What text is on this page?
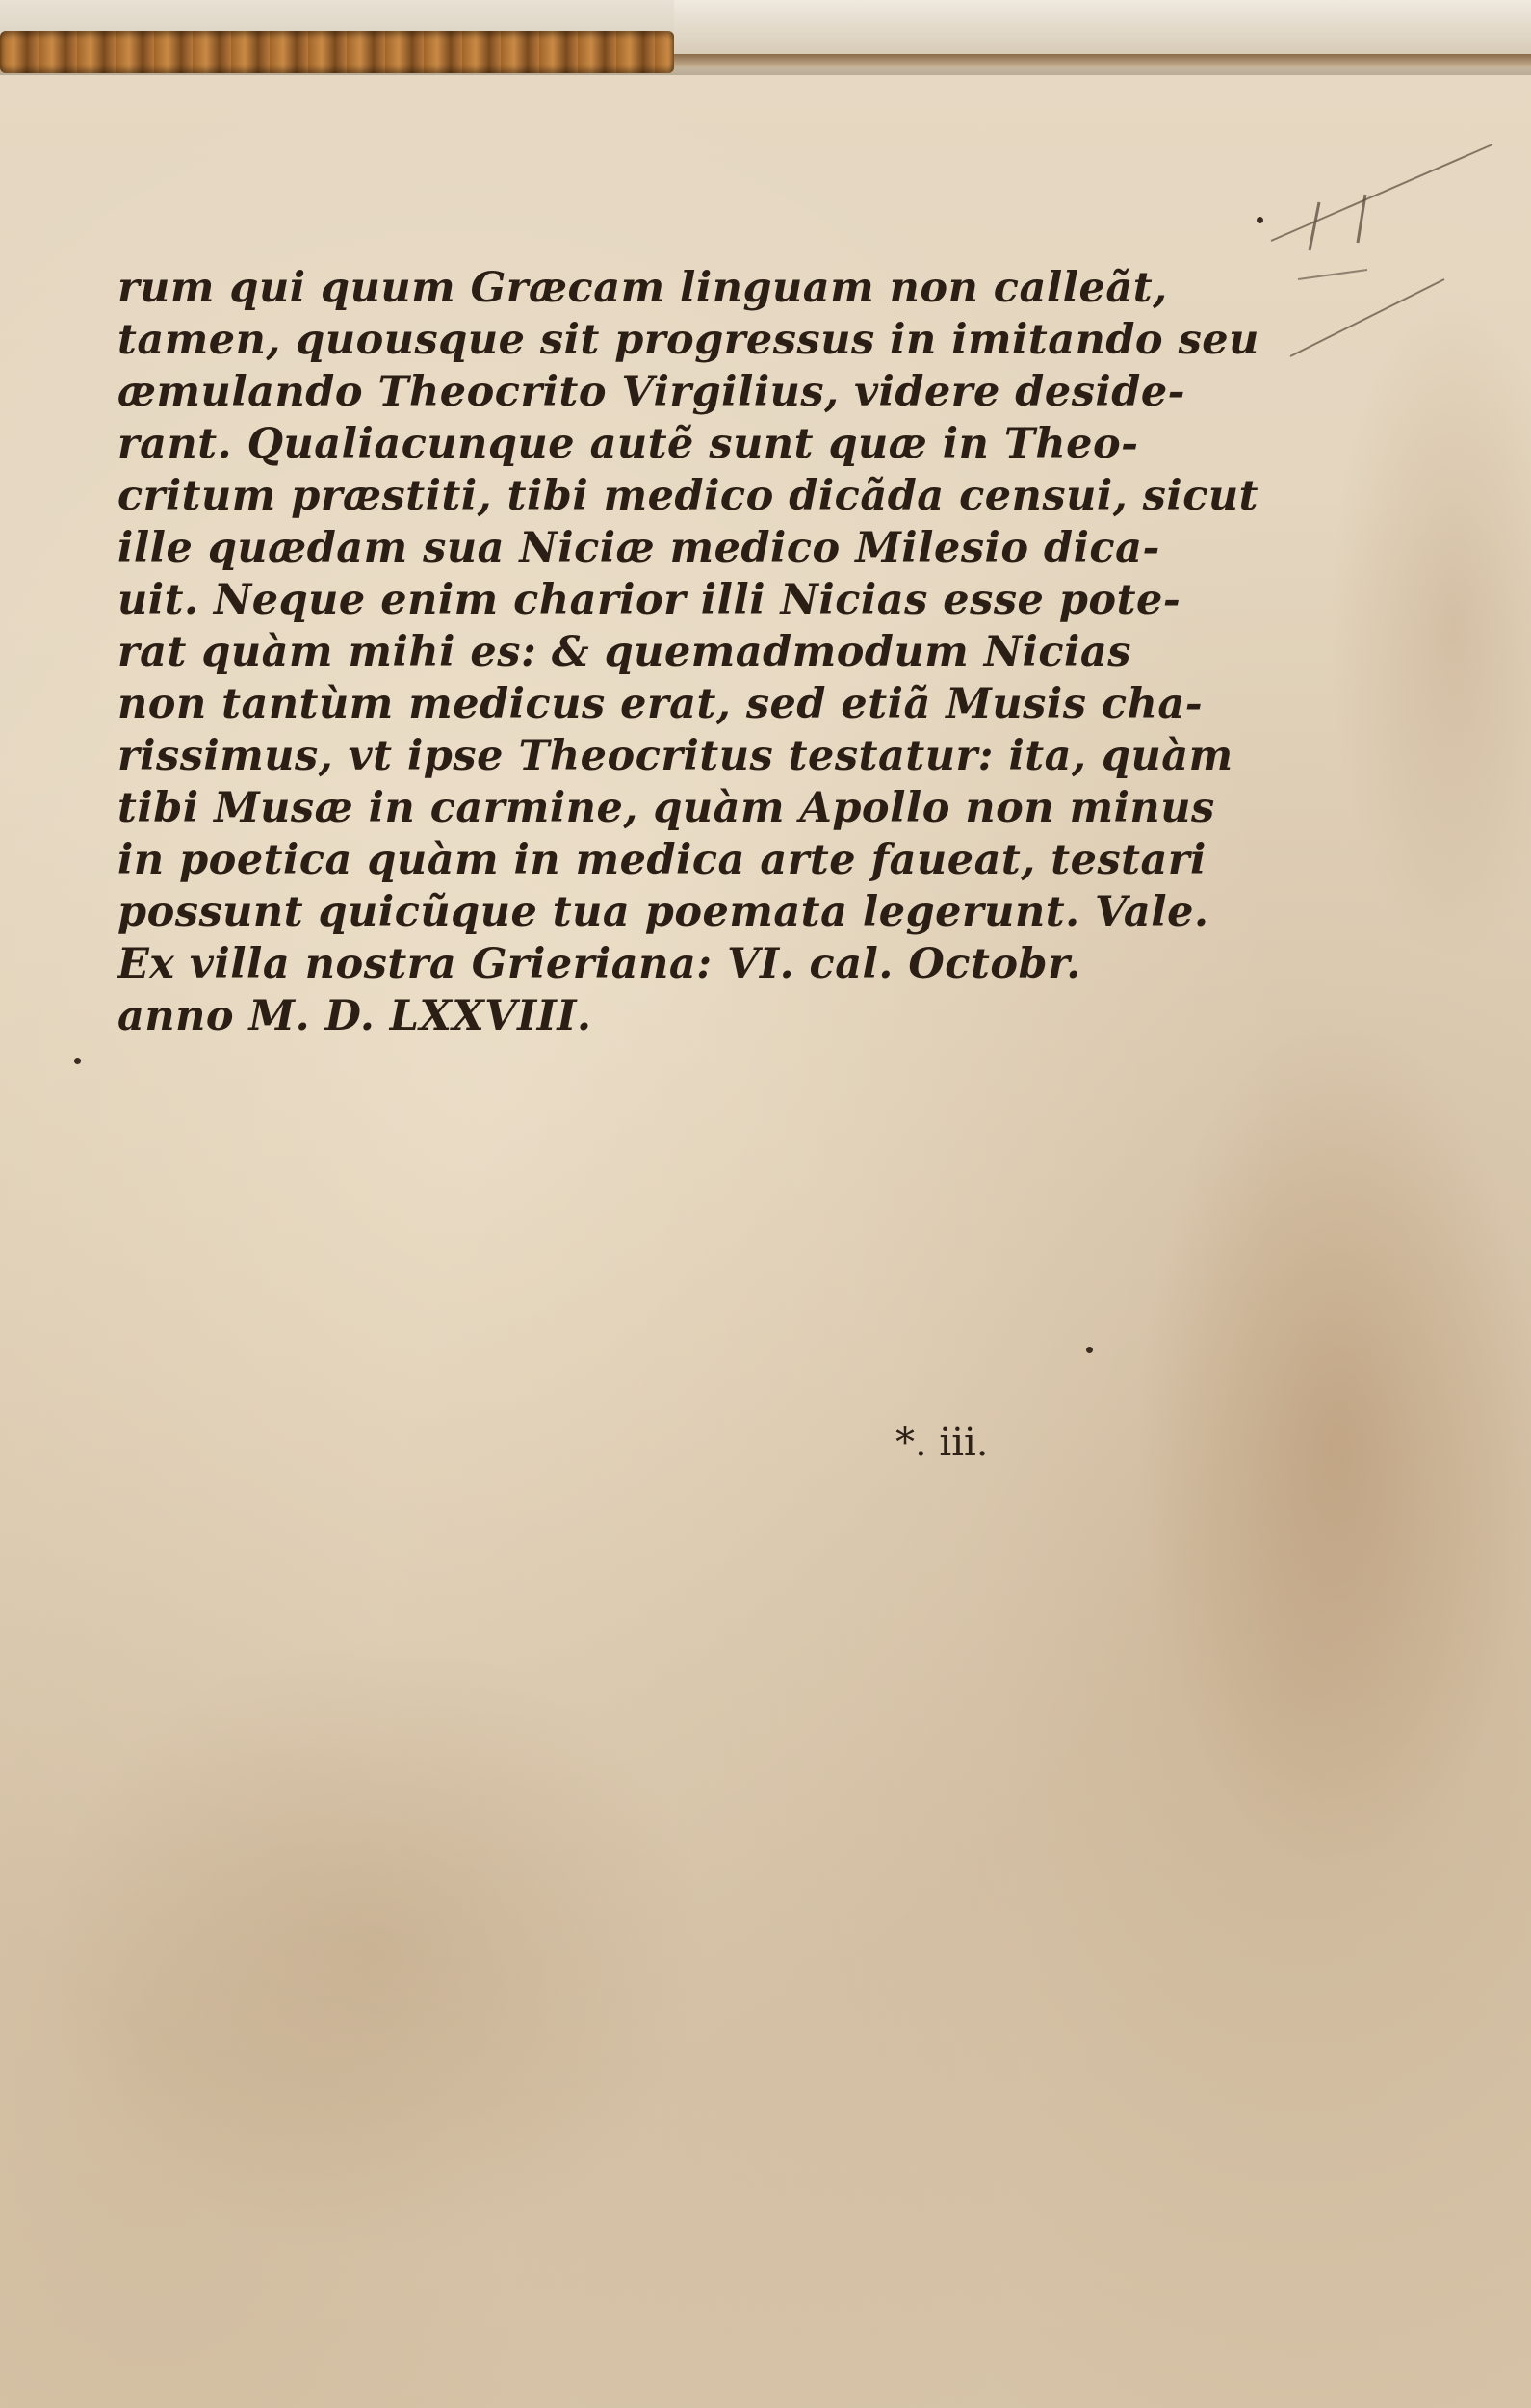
rum qui quum Græcam linguam non calleãt,
tamen, quousque sit progressus in imitando seu
æmulando Theocrito Virgilius, videre deside-
rant. Qualiacunque autẽ sunt quæ in Theo-
critum præstiti, tibi medico dicãda censui, sicut
ille quædam sua Niciæ medico Milesio dica-
uit. Neque enim charior illi Nicias esse pote-
rat quàm mihi es: & quemadmodum Nicias
non tantùm medicus erat, sed etiã Musis cha-
rissimus, vt ipse Theocritus testatur: ita, quàm
tibi Musæ in carmine, quàm Apollo non minus
in poetica quàm in medica arte faueat, testari
possunt quicũque tua poemata legerunt. Vale.
Ex villa nostra Grieriana: VI. cal. Octobr.
anno M. D. LXXVIII.
*. iii.
